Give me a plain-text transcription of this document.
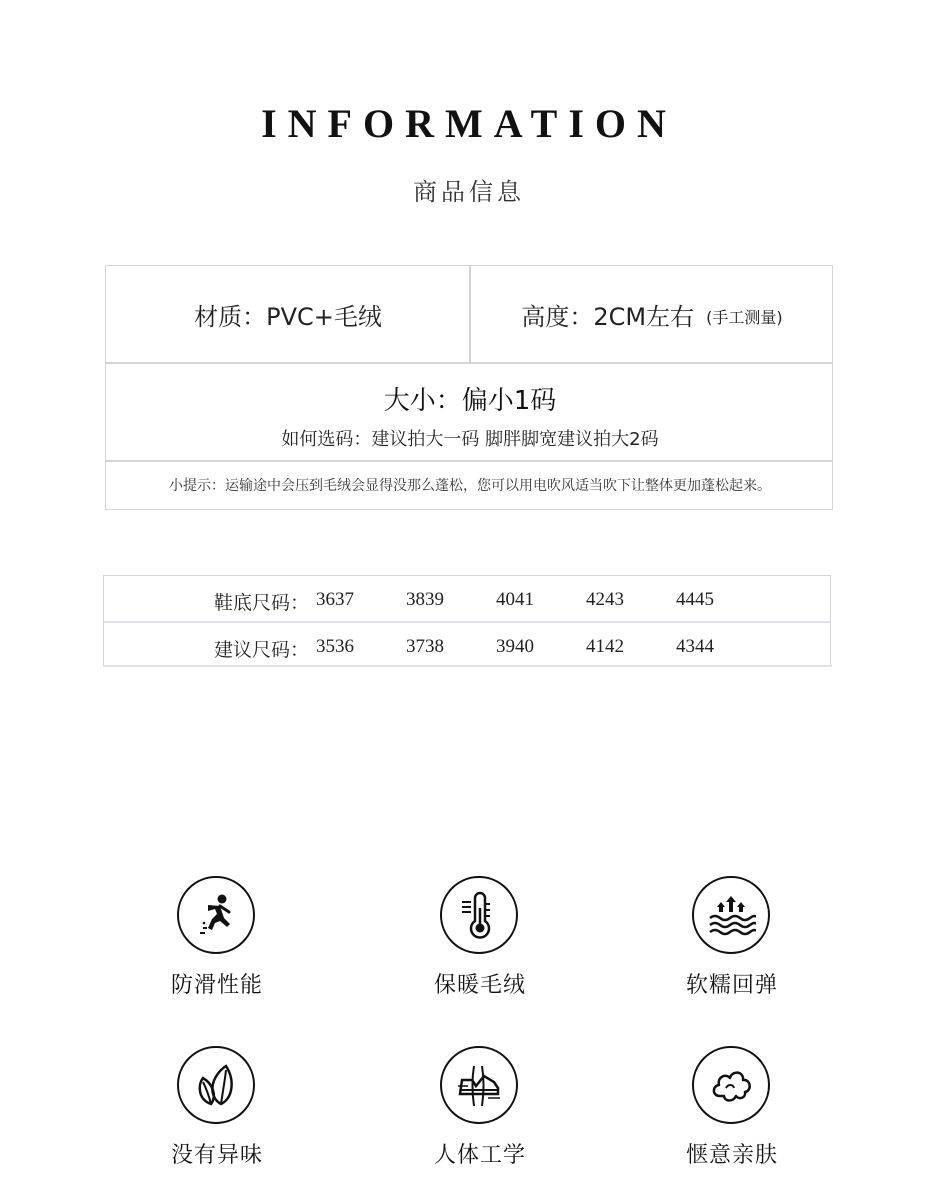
INFORMATION
商品信息
材质：PVC+毛绒	高度：2CM左右 (手工测量)
大小：偏小1码
如何选码：建议拍大一码 脚胖脚宽建议拍大2码
小提示：运输途中会压到毛绒会显得没那么蓬松，您可以用电吹风适当吹下让整体更加蓬松起来。
鞋底尺码： 3637	3839	4041	4243	4445
建议尺码： 3536	3738	3940	4142	4344
防滑性能	保暖毛绒	软糯回弹
没有异味	人体工学	惬意亲肤
